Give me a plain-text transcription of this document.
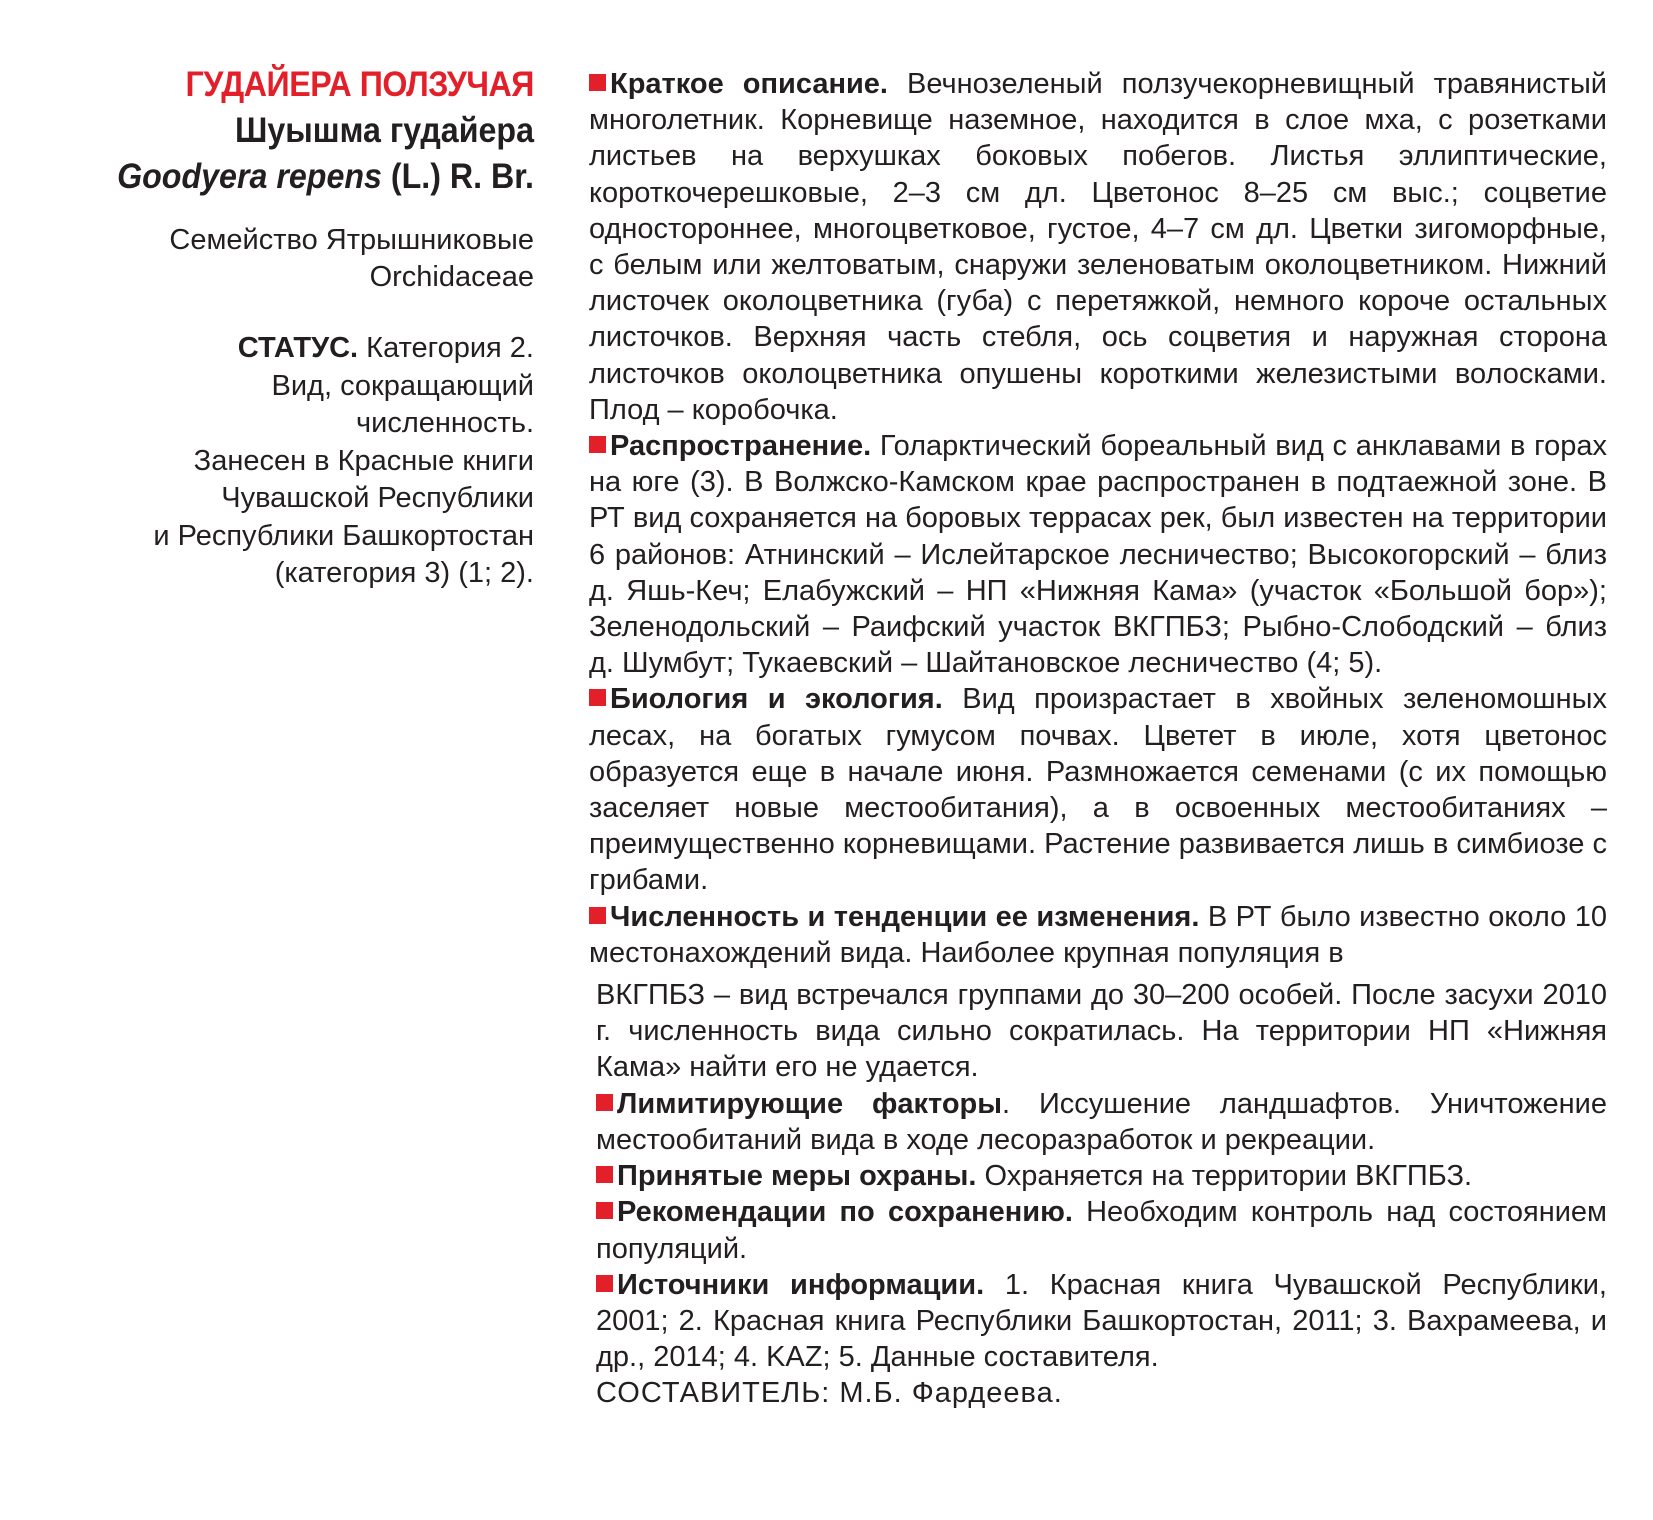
ГУДАЙЕРА ПОЛЗУЧАЯ
Шуышма гудайера
Goodyera repens (L.) R. Br.
Семейство Ятрышниковые
Orchidaceae
СТАТУС. Категория 2.
Вид, сокращающий
численность.
Занесен в Красные книги
Чувашской Республики
и Республики Башкортостан
(категория 3) (1; 2).

Краткое описание. Вечнозеленый ползучекорневищный травянистый многолетник. Корневище наземное, находится в слое мха, с розетками листьев на верхушках боковых побегов. Листья эллиптические, короткочерешковые, 2–3 см дл. Цветонос 8–25 см выс.; соцветие одностороннее, многоцветковое, густое, 4–7 см дл. Цветки зигоморфные, с белым или желтоватым, снаружи зеленоватым околоцветником. Нижний листочек околоцветника (губа) с перетяжкой, немного короче остальных листочков. Верхняя часть стебля, ось соцветия и наружная сторона листочков околоцветника опушены короткими железистыми волосками. Плод – коробочка.

Распространение. Голарктический бореальный вид с анклавами в горах на юге (3). В Волжско-Камском крае распространен в подтаежной зоне. В РТ вид сохраняется на боровых террасах рек, был известен на территории 6 районов: Атнинский – Ислейтарское лесничество; Высокогорский – близ д. Яшь-Кеч; Елабужский – НП «Нижняя Кама» (участок «Большой бор»); Зеленодольский – Раифский участок ВКГПБЗ; Рыбно-Слободский – близ д. Шумбут; Тукаевский – Шайтановское лесничество (4; 5).

Биология и экология. Вид произрастает в хвойных зеленомошных лесах, на богатых гумусом почвах. Цветет в июле, хотя цветонос образуется еще в начале июня. Размножается семенами (с их помощью заселяет новые местообитания), а в освоенных местообитаниях – преимущественно корневищами. Растение развивается лишь в симбиозе с грибами.

Численность и тенденции ее изменения. В РТ было известно около 10 местонахождений вида. Наиболее крупная популяция в

ВКГПБЗ – вид встречался группами до 30–200 особей. После засухи 2010 г. численность вида сильно сократилась. На территории НП «Нижняя Кама» найти его не удается.

Лимитирующие факторы. Иссушение ландшафтов. Уничтожение местообитаний вида в ходе лесоразработок и рекреации.

Принятые меры охраны. Охраняется на территории ВКГПБЗ.

Рекомендации по сохранению. Необходим контроль над состоянием популяций.

Источники информации. 1. Красная книга Чувашской Республики, 2001; 2. Красная книга Республики Башкортостан, 2011; 3. Вахрамеева, и др., 2014; 4. KAZ; 5. Данные составителя.

СОСТАВИТЕЛЬ: М.Б. Фардеева.
